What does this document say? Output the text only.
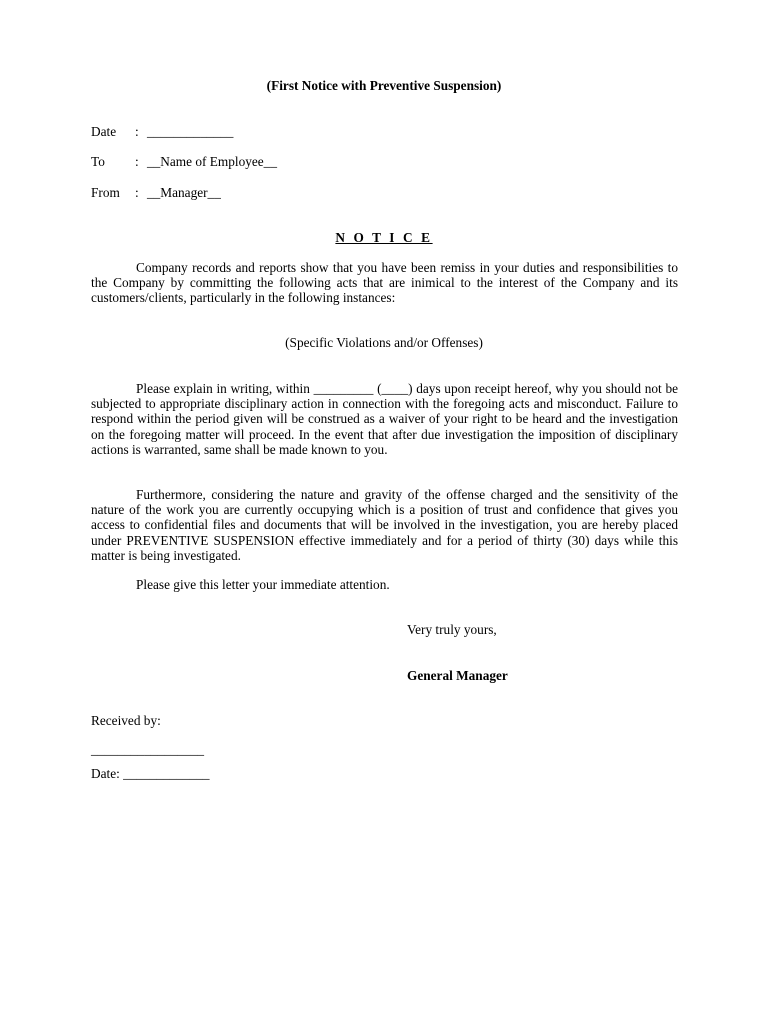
(First Notice with Preventive Suspension)
Date : _____________
To : __Name of Employee__
From : __Manager__
N O T I C E

Company records and reports show that you have been remiss in your duties and responsibilities to the Company by committing the following acts that are inimical to the interest of the Company and its customers/clients, particularly in the following instances:

(Specific Violations and/or Offenses)

Please explain in writing, within _________ (____) days upon receipt hereof, why you should not be subjected to appropriate disciplinary action in connection with the foregoing acts and misconduct. Failure to respond within the period given will be construed as a waiver of your right to be heard and the investigation on the foregoing matter will proceed. In the event that after due investigation the imposition of disciplinary actions is warranted, same shall be made known to you.

Furthermore, considering the nature and gravity of the offense charged and the sensitivity of the nature of the work you are currently occupying which is a position of trust and confidence that gives you access to confidential files and documents that will be involved in the investigation, you are hereby placed under PREVENTIVE SUSPENSION effective immediately and for a period of thirty (30) days while this matter is being investigated.

Please give this letter your immediate attention.

Very truly yours,
General Manager
Received by:
_________________
Date: _____________
